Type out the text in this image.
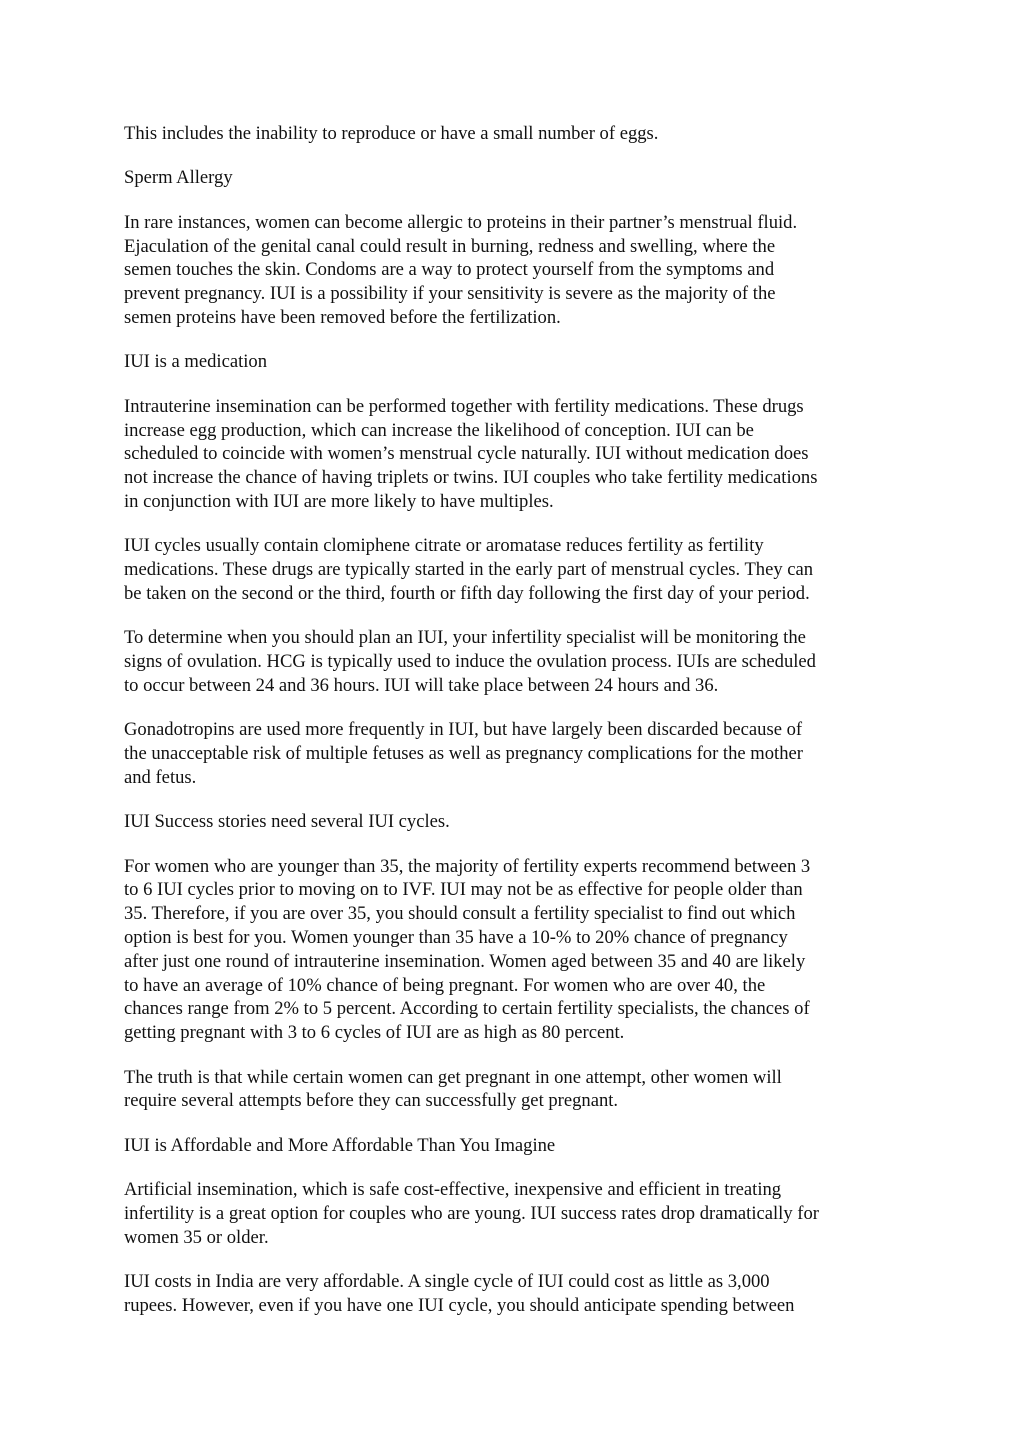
This includes the inability to reproduce or have a small number of eggs.

Sperm Allergy

In rare instances, women can become allergic to proteins in their partner’s menstrual fluid.
Ejaculation of the genital canal could result in burning, redness and swelling, where the
semen touches the skin. Condoms are a way to protect yourself from the symptoms and
prevent pregnancy. IUI is a possibility if your sensitivity is severe as the majority of the
semen proteins have been removed before the fertilization.

IUI is a medication

Intrauterine insemination can be performed together with fertility medications. These drugs
increase egg production, which can increase the likelihood of conception. IUI can be
scheduled to coincide with women’s menstrual cycle naturally. IUI without medication does
not increase the chance of having triplets or twins. IUI couples who take fertility medications
in conjunction with IUI are more likely to have multiples.

IUI cycles usually contain clomiphene citrate or aromatase reduces fertility as fertility
medications. These drugs are typically started in the early part of menstrual cycles. They can
be taken on the second or the third, fourth or fifth day following the first day of your period.

To determine when you should plan an IUI, your infertility specialist will be monitoring the
signs of ovulation. HCG is typically used to induce the ovulation process. IUIs are scheduled
to occur between 24 and 36 hours. IUI will take place between 24 hours and 36.

Gonadotropins are used more frequently in IUI, but have largely been discarded because of
the unacceptable risk of multiple fetuses as well as pregnancy complications for the mother
and fetus.

IUI Success stories need several IUI cycles.

For women who are younger than 35, the majority of fertility experts recommend between 3
to 6 IUI cycles prior to moving on to IVF. IUI may not be as effective for people older than
35. Therefore, if you are over 35, you should consult a fertility specialist to find out which
option is best for you. Women younger than 35 have a 10-% to 20% chance of pregnancy
after just one round of intrauterine insemination. Women aged between 35 and 40 are likely
to have an average of 10% chance of being pregnant. For women who are over 40, the
chances range from 2% to 5 percent. According to certain fertility specialists, the chances of
getting pregnant with 3 to 6 cycles of IUI are as high as 80 percent.

The truth is that while certain women can get pregnant in one attempt, other women will
require several attempts before they can successfully get pregnant.

IUI is Affordable and More Affordable Than You Imagine

Artificial insemination, which is safe cost-effective, inexpensive and efficient in treating
infertility is a great option for couples who are young. IUI success rates drop dramatically for
women 35 or older.

IUI costs in India are very affordable. A single cycle of IUI could cost as little as 3,000
rupees. However, even if you have one IUI cycle, you should anticipate spending between
